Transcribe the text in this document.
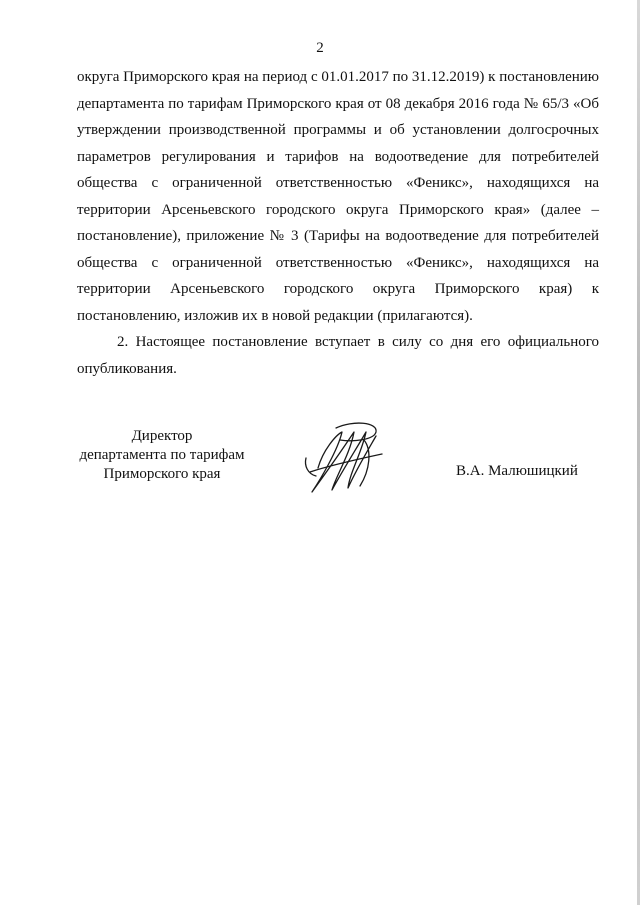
2

округа Приморского края на период с 01.01.2017 по 31.12.2019) к постановлению департамента по тарифам Приморского края от 08 декабря 2016 года № 65/3 «Об утверждении производственной программы и об установлении долгосрочных параметров регулирования и тарифов на водоотведение для потребителей общества с ограниченной ответственностью «Феникс», находящихся на территории Арсеньевского городского округа Приморского края» (далее – постановление), приложение № 3 (Тарифы на водоотведение для потребителей общества с ограниченной ответственностью «Феникс», находящихся на территории Арсеньевского городского округа Приморского края) к постановлению, изложив их в новой редакции (прилагаются).

2. Настоящее постановление вступает в силу со дня его официального опубликования.

Директор
департамента по тарифам
Приморского края	В.А. Малюшицкий
